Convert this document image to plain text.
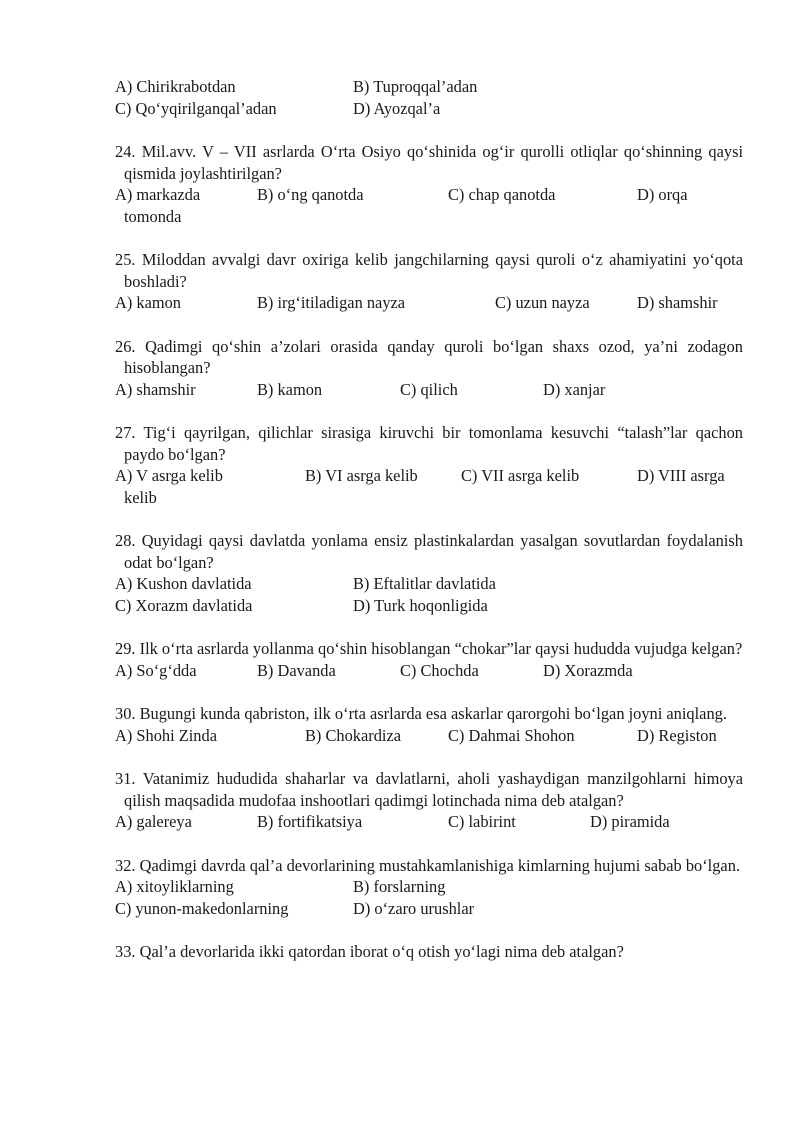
A) Chirikrabotdan	B) Tuproqqal’adan
C) Qo‘yqirilganqal’adan	D) Ayozqal’a
24. Mil.avv. V – VII asrlarda O‘rta Osiyo qo‘shinida og‘ir qurolli otliqlar qo‘shinning qaysi qismida joylashtirilgan?
A) markazda	B) o‘ng qanotda	C) chap qanotda	D) orqa
tomonda
25. Miloddan avvalgi davr oxiriga kelib jangchilarning qaysi quroli o‘z ahamiyatini yo‘qota boshladi?
A) kamon	B) irg‘itiladigan nayza	C) uzun nayza	D) shamshir
26. Qadimgi qo‘shin a’zolari orasida qanday quroli bo‘lgan shaxs ozod, ya’ni zodagon hisoblangan?
A) shamshir	B) kamon	C) qilich	D) xanjar
27. Tig‘i qayrilgan, qilichlar sirasiga kiruvchi bir tomonlama kesuvchi “talash”lar qachon paydo bo‘lgan?
A) V asrga kelib	B) VI asrga kelib	C) VII asrga kelib	D) VIII asrga
kelib
28. Quyidagi qaysi davlatda yonlama ensiz plastinkalardan yasalgan sovutlardan foydalanish odat bo‘lgan?
A) Kushon davlatida	B) Eftalitlar davlatida
C) Xorazm davlatida	D) Turk hoqonligida
29. Ilk o‘rta asrlarda yollanma qo‘shin hisoblangan “chokar”lar qaysi hududda vujudga kelgan?
A) So‘g‘dda	B) Davanda	C) Chochda	D) Xorazmda
30. Bugungi kunda qabriston, ilk o‘rta asrlarda esa askarlar qarorgohi bo‘lgan joyni aniqlang.
A) Shohi Zinda	B) Chokardiza	C) Dahmai Shohon	D) Registon
31. Vatanimiz hududida shaharlar va davlatlarni, aholi yashaydigan manzilgohlarni himoya qilish maqsadida mudofaa inshootlari qadimgi lotinchada nima deb atalgan?
A) galereya	B) fortifikatsiya	C) labirint	D) piramida
32. Qadimgi davrda qal’a devorlarining mustahkamlanishiga kimlarning hujumi sabab bo‘lgan.
A) xitoyliklarning	B) forslarning
C) yunon-makedonlarning	D) o‘zaro urushlar
33. Qal’a devorlarida ikki qatordan iborat o‘q otish yo‘lagi nima deb atalgan?
